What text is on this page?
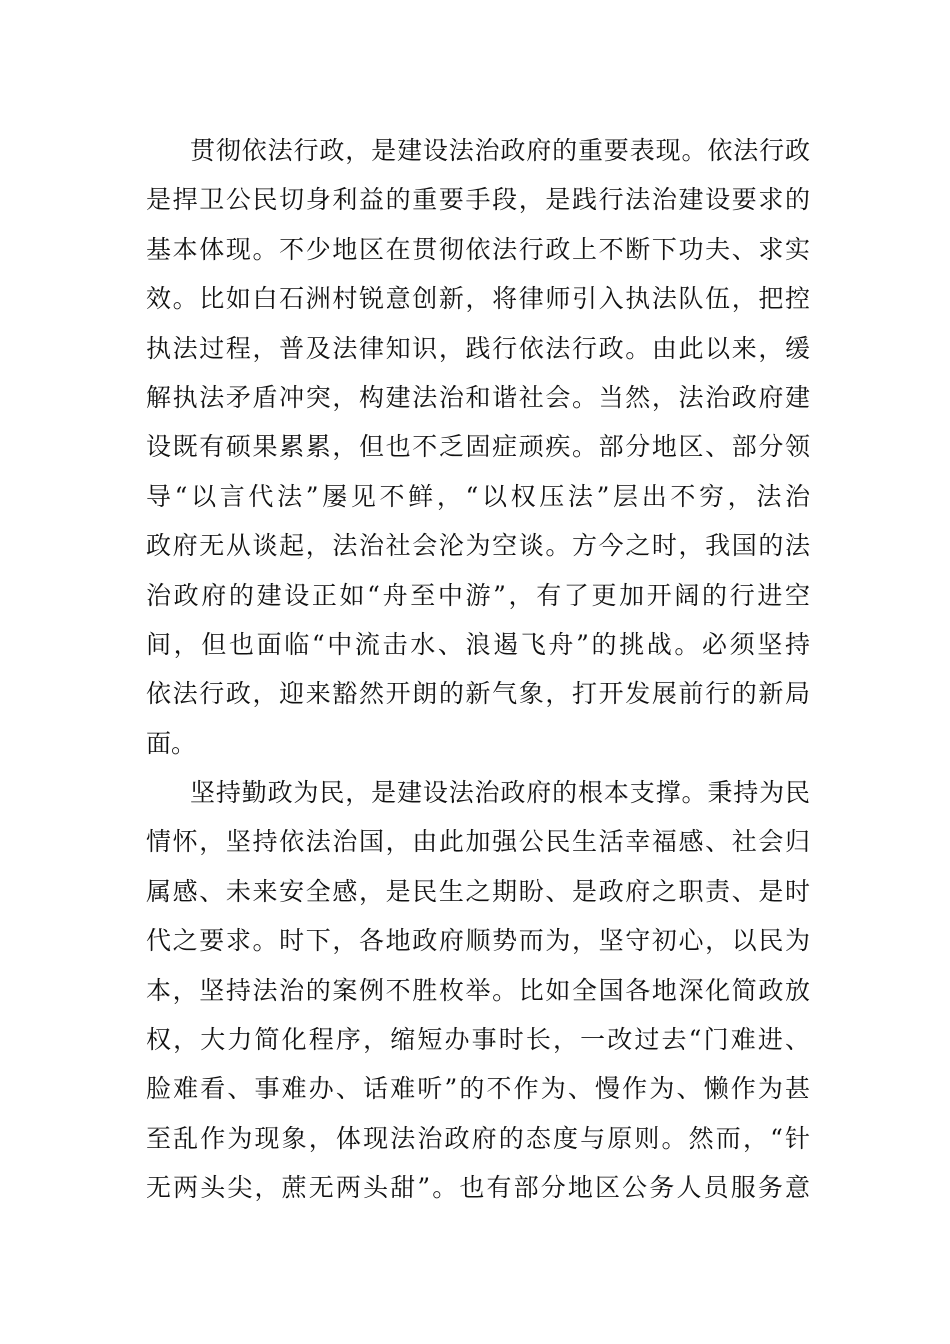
贯彻依法行政，是建设法治政府的重要表现。依法行政
是捍卫公民切身利益的重要手段，是践行法治建设要求的
基本体现。不少地区在贯彻依法行政上不断下功夫、求实
效。比如白石洲村锐意创新，将律师引入执法队伍，把控
执法过程，普及法律知识，践行依法行政。由此以来，缓
解执法矛盾冲突，构建法治和谐社会。当然，法治政府建
设既有硕果累累，但也不乏固症顽疾。部分地区、部分领
导“以言代法”屡见不鲜，“以权压法”层出不穷，法治
政府无从谈起，法治社会沦为空谈。方今之时，我国的法
治政府的建设正如“舟至中游”，有了更加开阔的行进空
间，但也面临“中流击水、浪遏飞舟”的挑战。必须坚持
依法行政，迎来豁然开朗的新气象，打开发展前行的新局
面。
坚持勤政为民，是建设法治政府的根本支撑。秉持为民
情怀，坚持依法治国，由此加强公民生活幸福感、社会归
属感、未来安全感，是民生之期盼、是政府之职责、是时
代之要求。时下，各地政府顺势而为，坚守初心，以民为
本，坚持法治的案例不胜枚举。比如全国各地深化简政放
权，大力简化程序，缩短办事时长，一改过去“门难进、
脸难看、事难办、话难听”的不作为、慢作为、懒作为甚
至乱作为现象，体现法治政府的态度与原则。然而，“针
无两头尖，蔗无两头甜”。也有部分地区公务人员服务意
